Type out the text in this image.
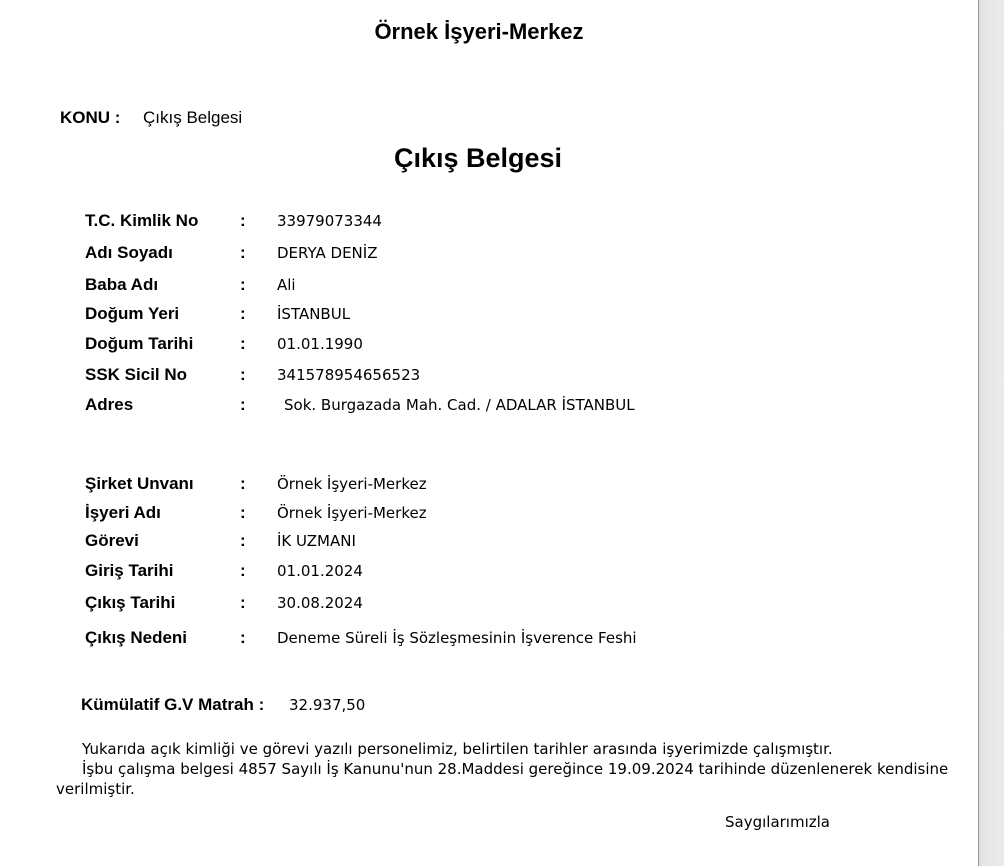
Örnek İşyeri-Merkez
KONU : Çıkış Belgesi
Çıkış Belgesi
T.C. Kimlik No : 33979073344
Adı Soyadı	: DERYA DENİZ
Baba Adı	: Ali
Doğum Yeri	: İSTANBUL
Doğum Tarihi	: 01.01.1990
SSK Sicil No	: 341578954656523
Adres	:	Sok. Burgazada Mah. Cad. / ADALAR İSTANBUL
Şirket Unvanı	: Örnek İşyeri-Merkez
İşyeri Adı	: Örnek İşyeri-Merkez
Görevi	: İK UZMANI
Giriş Tarihi	: 01.01.2024
Çıkış Tarihi	: 30.08.2024
Çıkış Nedeni	: Deneme Süreli İş Sözleşmesinin İşverence Feshi
Kümülatif G.V Matrah : 32.937,50
Yukarıda açık kimliği ve görevi yazılı personelimiz, belirtilen tarihler arasında işyerimizde çalışmıştır.
İşbu çalışma belgesi 4857 Sayılı İş Kanunu'nun 28.Maddesi gereğince 19.09.2024 tarihinde düzenlenerek kendisine verilmiştir.
Saygılarımızla
